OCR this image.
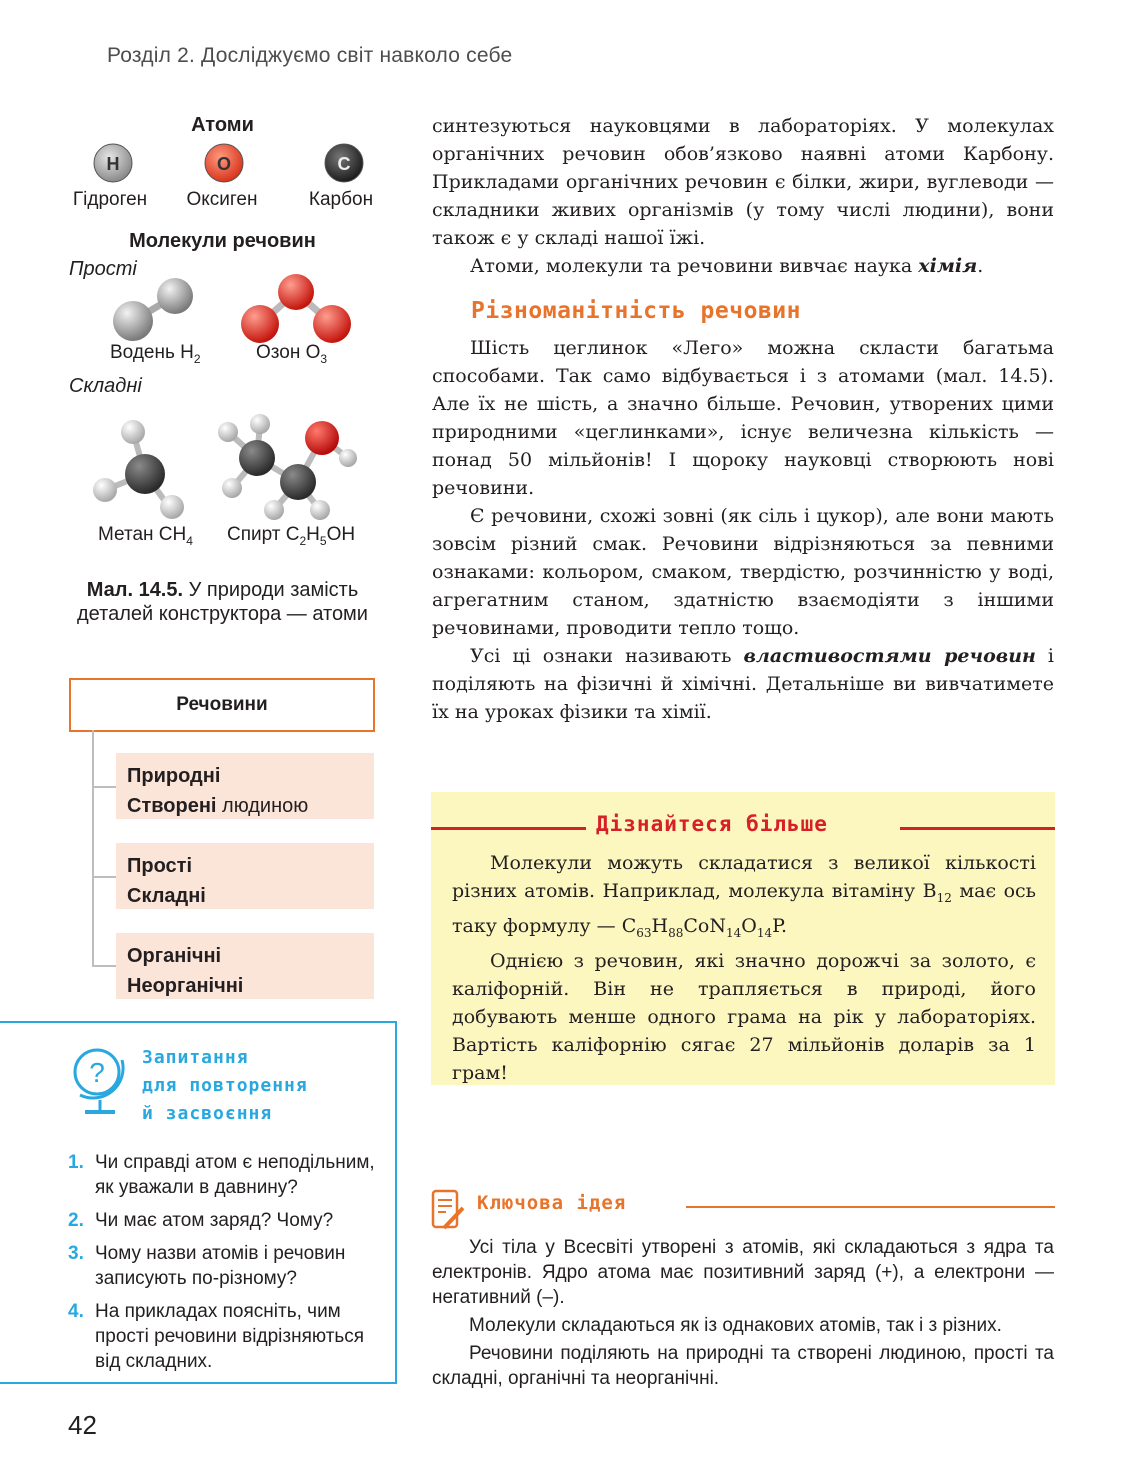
Розділ 2. Досліджуємо світ навколо себе
Атоми
H	O	C
Гідроген	Оксиген	Карбон
Молекули речовин
Прості
Водень $H_2$	Озон $O_3$
Складні
Метан $CH_4$ Спирт $C_2H_5OH$
Мал. 14.5. У природи замість деталей конструктора — атоми
Речовини
Природні
Створені людиною
Прості
Складні
Органічні
Неорганічні
? Запитання
для повторення
й засвоєння
1. Чи справді атом є неподільним, як уважали в давнину?
2. Чи має атом заряд? Чому?
3. Чому назви атомів і речовин записують по-різному?
4. На прикладах поясніть, чим прості речовини відрізняються від складних.

синтезуються науковцями в лабораторіях. У молекулах органічних речовин обов’язково наявні атоми Карбону. Прикладами органічних речовин є білки, жири, вуглеводи — складники живих організмів (у тому числі людини), вони також є у складі нашої їжі.

Атоми, молекули та речовини вивчає наука хімія.

Різноманітність речовин

Шість цеглинок «Лего» можна скласти багатьма способами. Так само відбувається і з атомами (мал. 14.5). Але їх не шість, а значно більше. Речовин, утворених цими природними «цеглинками», існує величезна кількість — понад 50 мільйонів! І щороку науковці створюють нові речовини.

Є речовини, схожі зовні (як сіль і цукор), але вони мають зовсім різний смак. Речовини відрізняються за певними ознаками: кольором, смаком, твердістю, розчинністю у воді, агрегатним станом, здатністю взаємодіяти з іншими речовинами, проводити тепло тощо.

Усі ці ознаки називають властивостями речовин і поділяють на фізичні й хімічні. Детальніше ви вивчатимете їх на уроках фізики та хімії.

Дізнайтеся більше

Молекули можуть складатися з великої кількості різних атомів. Наприклад, молекула вітаміну $B_{12}$ має ось таку формулу — $C_{63}H_{88}CoN_{14}O_{14}P$.

Однією з речовин, які значно дорожчі за золото, є каліфорній. Він не трапляється в природі, його добувають менше одного грама на рік у лабораторіях. Вартість каліфорнію сягає 27 мільйонів доларів за 1 грам!

Ключова ідея

Усі тіла у Всесвіті утворені з атомів, які складаються з ядра та електронів. Ядро атома має позитивний заряд (+), а електрони — негативний (–).

Молекули складаються як із однакових атомів, так і з різних.

Речовини поділяють на природні та створені людиною, прості та складні, органічні та неорганічні.

42
